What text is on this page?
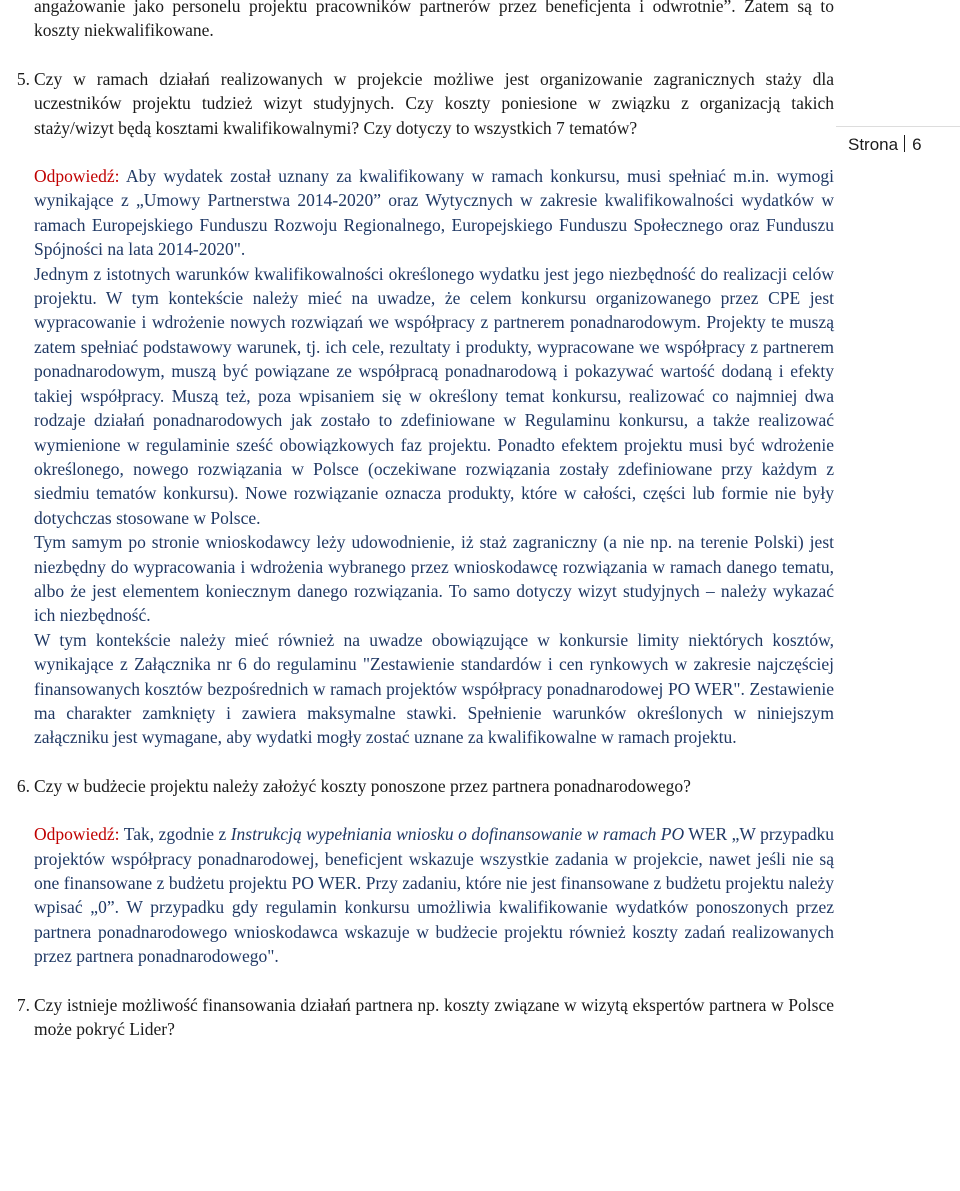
angażowanie jako personelu projektu pracowników partnerów przez beneficjenta i odwrotnie”. Zatem są to koszty niekwalifikowane.

5. Czy w ramach działań realizowanych w projekcie możliwe jest organizowanie zagranicznych staży dla uczestników projektu tudzież wizyt studyjnych. Czy koszty poniesione w związku z organizacją takich staży/wizyt będą kosztami kwalifikowalnymi? Czy dotyczy to wszystkich 7 tematów?

Odpowiedź: Aby wydatek został uznany za kwalifikowany w ramach konkursu, musi spełniać m.in. wymogi wynikające z „Umowy Partnerstwa 2014-2020” oraz Wytycznych w zakresie kwalifikowalności wydatków w ramach Europejskiego Funduszu Rozwoju Regionalnego, Europejskiego Funduszu Społecznego oraz Funduszu Spójności na lata 2014-2020".

Jednym z istotnych warunków kwalifikowalności określonego wydatku jest jego niezbędność do realizacji celów projektu. W tym kontekście należy mieć na uwadze, że celem konkursu organizowanego przez CPE jest wypracowanie i wdrożenie nowych rozwiązań we współpracy z partnerem ponadnarodowym. Projekty te muszą zatem spełniać podstawowy warunek, tj. ich cele, rezultaty i produkty, wypracowane we współpracy z partnerem ponadnarodowym, muszą być powiązane ze współpracą ponadnarodową i pokazywać wartość dodaną i efekty takiej współpracy. Muszą też, poza wpisaniem się w określony temat konkursu, realizować co najmniej dwa rodzaje działań ponadnarodowych jak zostało to zdefiniowane w Regulaminu konkursu, a także realizować wymienione w regulaminie sześć obowiązkowych faz projektu. Ponadto efektem projektu musi być wdrożenie określonego, nowego rozwiązania w Polsce (oczekiwane rozwiązania zostały zdefiniowane przy każdym z siedmiu tematów konkursu). Nowe rozwiązanie oznacza produkty, które w całości, części lub formie nie były dotychczas stosowane w Polsce.

Tym samym po stronie wnioskodawcy leży udowodnienie, iż staż zagraniczny (a nie np. na terenie Polski) jest niezbędny do wypracowania i wdrożenia wybranego przez wnioskodawcę rozwiązania w ramach danego tematu, albo że jest elementem koniecznym danego rozwiązania. To samo dotyczy wizyt studyjnych – należy wykazać ich niezbędność.

W tym kontekście należy mieć również na uwadze obowiązujące w konkursie limity niektórych kosztów, wynikające z Załącznika nr 6 do regulaminu "Zestawienie standardów i cen rynkowych w zakresie najczęściej finansowanych kosztów bezpośrednich w ramach projektów współpracy ponadnarodowej PO WER". Zestawienie ma charakter zamknięty i zawiera maksymalne stawki. Spełnienie warunków określonych w niniejszym załączniku jest wymagane, aby wydatki mogły zostać uznane za kwalifikowalne w ramach projektu.

6. Czy w budżecie projektu należy założyć koszty ponoszone przez partnera ponadnarodowego?

Odpowiedź: Tak, zgodnie z Instrukcją wypełniania wniosku o dofinansowanie w ramach PO WER „W przypadku projektów współpracy ponadnarodowej, beneficjent wskazuje wszystkie zadania w projekcie, nawet jeśli nie są one finansowane z budżetu projektu PO WER. Przy zadaniu, które nie jest finansowane z budżetu projektu należy wpisać „0”. W przypadku gdy regulamin konkursu umożliwia kwalifikowanie wydatków ponoszonych przez partnera ponadnarodowego wnioskodawca wskazuje w budżecie projektu również koszty zadań realizowanych przez partnera ponadnarodowego".

7. Czy istnieje możliwość finansowania działań partnera np. koszty związane w wizytą ekspertów partnera w Polsce może pokryć Lider?

Strona 6
